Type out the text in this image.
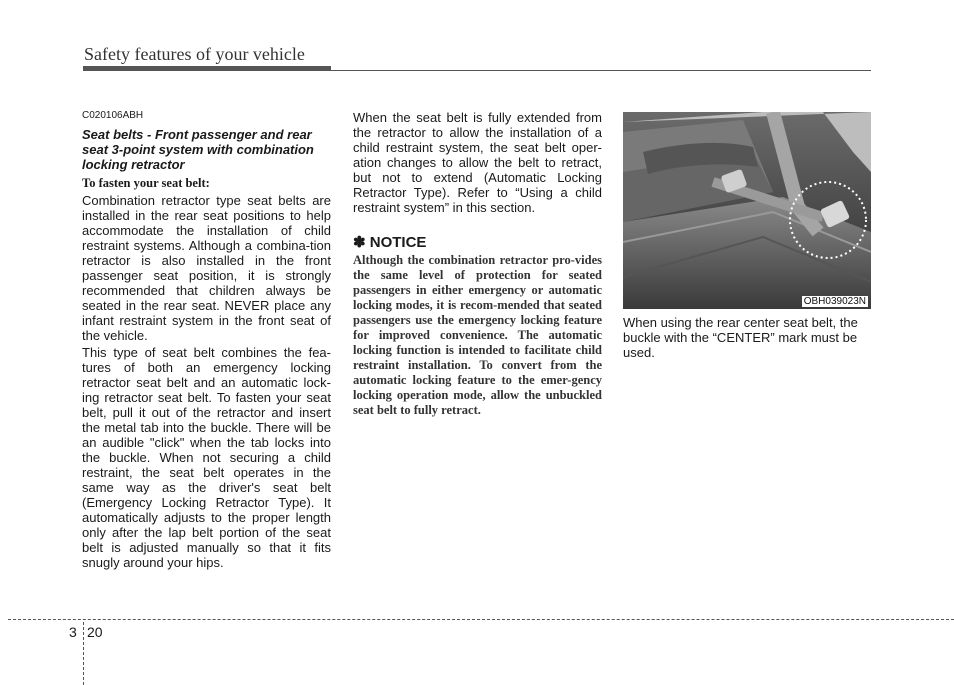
Safety features of your vehicle

C020106ABH

Seat belts - Front passenger and rear seat 3-point system with combination locking retractor

To fasten your seat belt:

Combination retractor type seat belts are installed in the rear seat positions to help accommodate the installation of child restraint systems. Although a combina-tion retractor is also installed in the front passenger seat position, it is strongly recommended that children always be seated in the rear seat. NEVER place any infant restraint system in the front seat of the vehicle.

This type of seat belt combines the fea-tures of both an emergency locking retractor seat belt and an automatic lock-ing retractor seat belt. To fasten your seat belt, pull it out of the retractor and insert the metal tab into the buckle. There will be an audible "click" when the tab locks into the buckle. When not securing a child restraint, the seat belt operates in the same way as the driver's seat belt (Emergency Locking Retractor Type). It automatically adjusts to the proper length only after the lap belt portion of the seat belt is adjusted manually so that it fits snugly around your hips.

When the seat belt is fully extended from the retractor to allow the installation of a child restraint system, the seat belt oper-ation changes to allow the belt to retract, but not to extend (Automatic Locking Retractor Type). Refer to “Using a child restraint system” in this section.

✽ NOTICE

Although the combination retractor pro-vides the same level of protection for seated passengers in either emergency or automatic locking modes, it is recom-mended that seated passengers use the emergency locking feature for improved convenience. The automatic locking function is intended to facilitate child restraint installation. To convert from the automatic locking feature to the emer-gency locking operation mode, allow the unbuckled seat belt to fully retract.

OBH039023N

When using the rear center seat belt, the buckle with the “CENTER” mark must be used.

3 20
